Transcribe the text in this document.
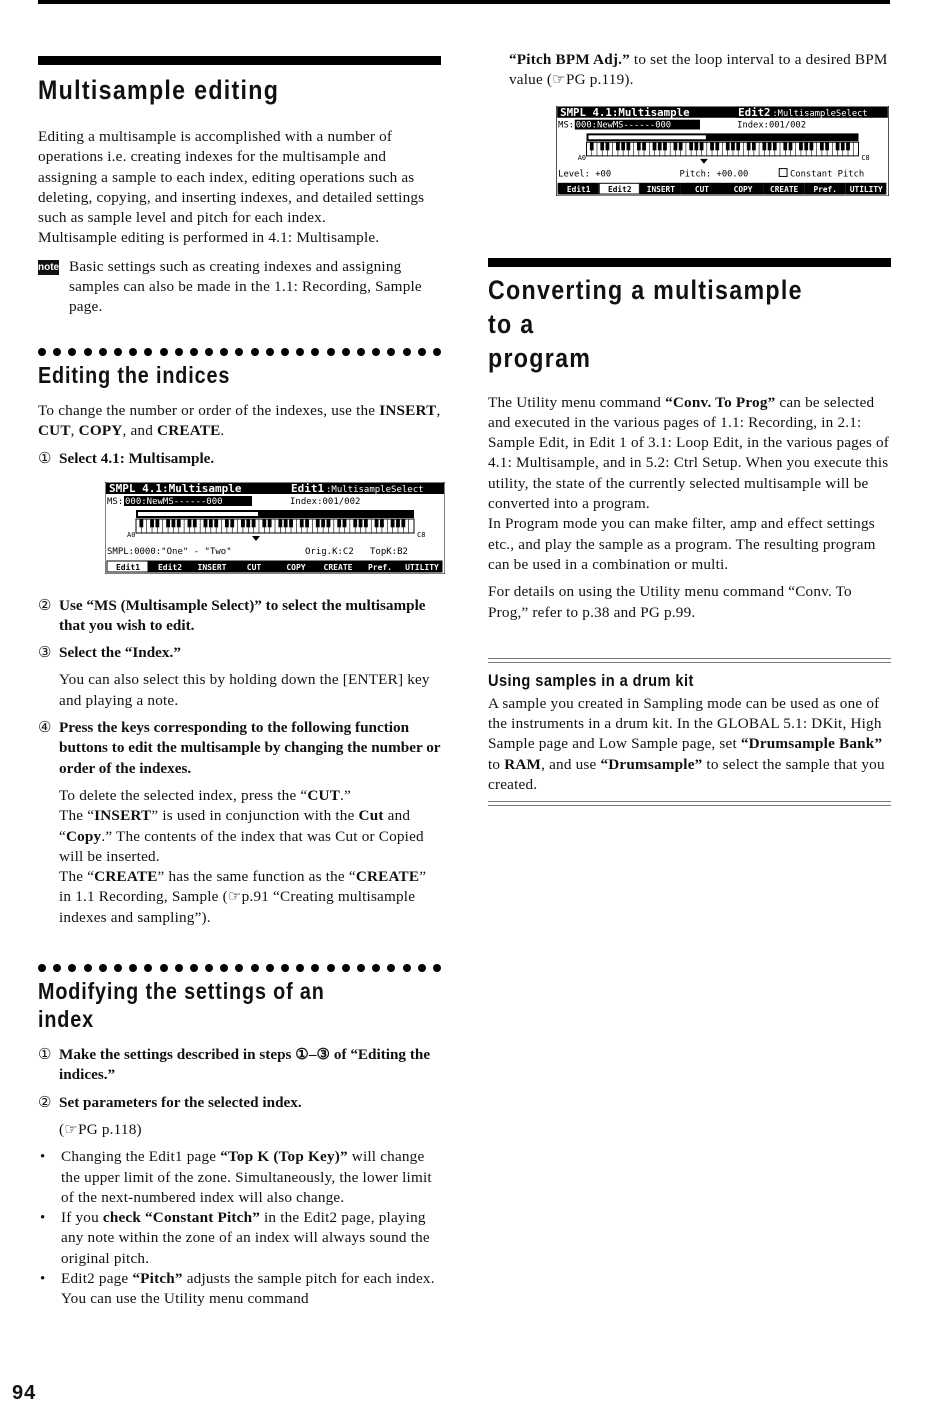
Multisample editing

Editing a multisample is accomplished with a number of operations i.e. creating indexes for the multisample and assigning a sample to each index, editing operations such as deleting, copying, and inserting indexes, and detailed settings such as sample level and pitch for each index.

Multisample editing is performed in 4.1: Multisample.

note Basic settings such as creating indexes and assigning samples can also be made in the 1.1: Recording, Sample page.

Editing the indices

To change the number or order of the indexes, use the INSERT, CUT, COPY, and CREATE.

① Select 4.1: Multisample.
SMPL 4.1:Multisample	Edit1 :MultisampleSelect
MS: 000:NewMS------000	Index:001/002
A0	C8
SMPL:0000:"One" - "Two"	Orig.K:C2 TopK:B2
Edit1 Edit2 INSERT	CUT	COPY CREATE Pref. UTILITY
② Use “MS (Multisample Select)” to select the multisample that you wish to edit.
③ Select the “Index.”

You can also select this by holding down the [ENTER] key and playing a note.

④ Press the keys corresponding to the following function buttons to edit the multisample by changing the number or order of the indexes.

To delete the selected index, press the “CUT.”

The “INSERT” is used in conjunction with the Cut and “Copy.” The contents of the index that was Cut or Copied will be inserted.

The “CREATE” has the same function as the “CREATE” in 1.1 Recording, Sample (☞p.91 “Creating multisample indexes and sampling”).

Modifying the settings of an index
① Make the settings described in steps ①–③ of “Editing the indices.”
② Set parameters for the selected index.

(☞PG p.118)

•	Changing the Edit1 page “Top K (Top Key)” will change the upper limit of the zone. Simultaneously, the lower limit of the next-numbered index will also change.

•	If you check “Constant Pitch” in the Edit2 page, playing any note within the zone of an index will always sound the original pitch.

•	Edit2 page “Pitch” adjusts the sample pitch for each index. You can use the Utility menu command

“Pitch BPM Adj.” to set the loop interval to a desired BPM value (☞PG p.119).

SMPL 4.1:Multisample	Edit2 :MultisampleSelect
MS: 000:NewMS------000	Index:001/002
A0	C8
Level: +00	Pitch: +00.00	Constant Pitch
Edit1 Edit2 INSERT CUT	COPY CREATE Pref. UTILITY
Converting a multisample to a
program

The Utility menu command “Conv. To Prog” can be selected and executed in the various pages of 1.1: Recording, in 2.1: Sample Edit, in Edit 1 of 3.1: Loop Edit, in the various pages of 4.1: Multisample, and in 5.2: Ctrl Setup. When you execute this utility, the state of the currently selected multisample will be converted into a program.

In Program mode you can make filter, amp and effect settings etc., and play the sample as a program. The resulting program can be used in a combination or multi.

For details on using the Utility menu command “Conv. To Prog,” refer to p.38 and PG p.99.

Using samples in a drum kit

A sample you created in Sampling mode can be used as one of the instruments in a drum kit. In the GLOBAL 5.1: DKit, High Sample page and Low Sample page, set “Drumsample Bank” to RAM, and use “Drumsample” to select the sample that you created.

94
